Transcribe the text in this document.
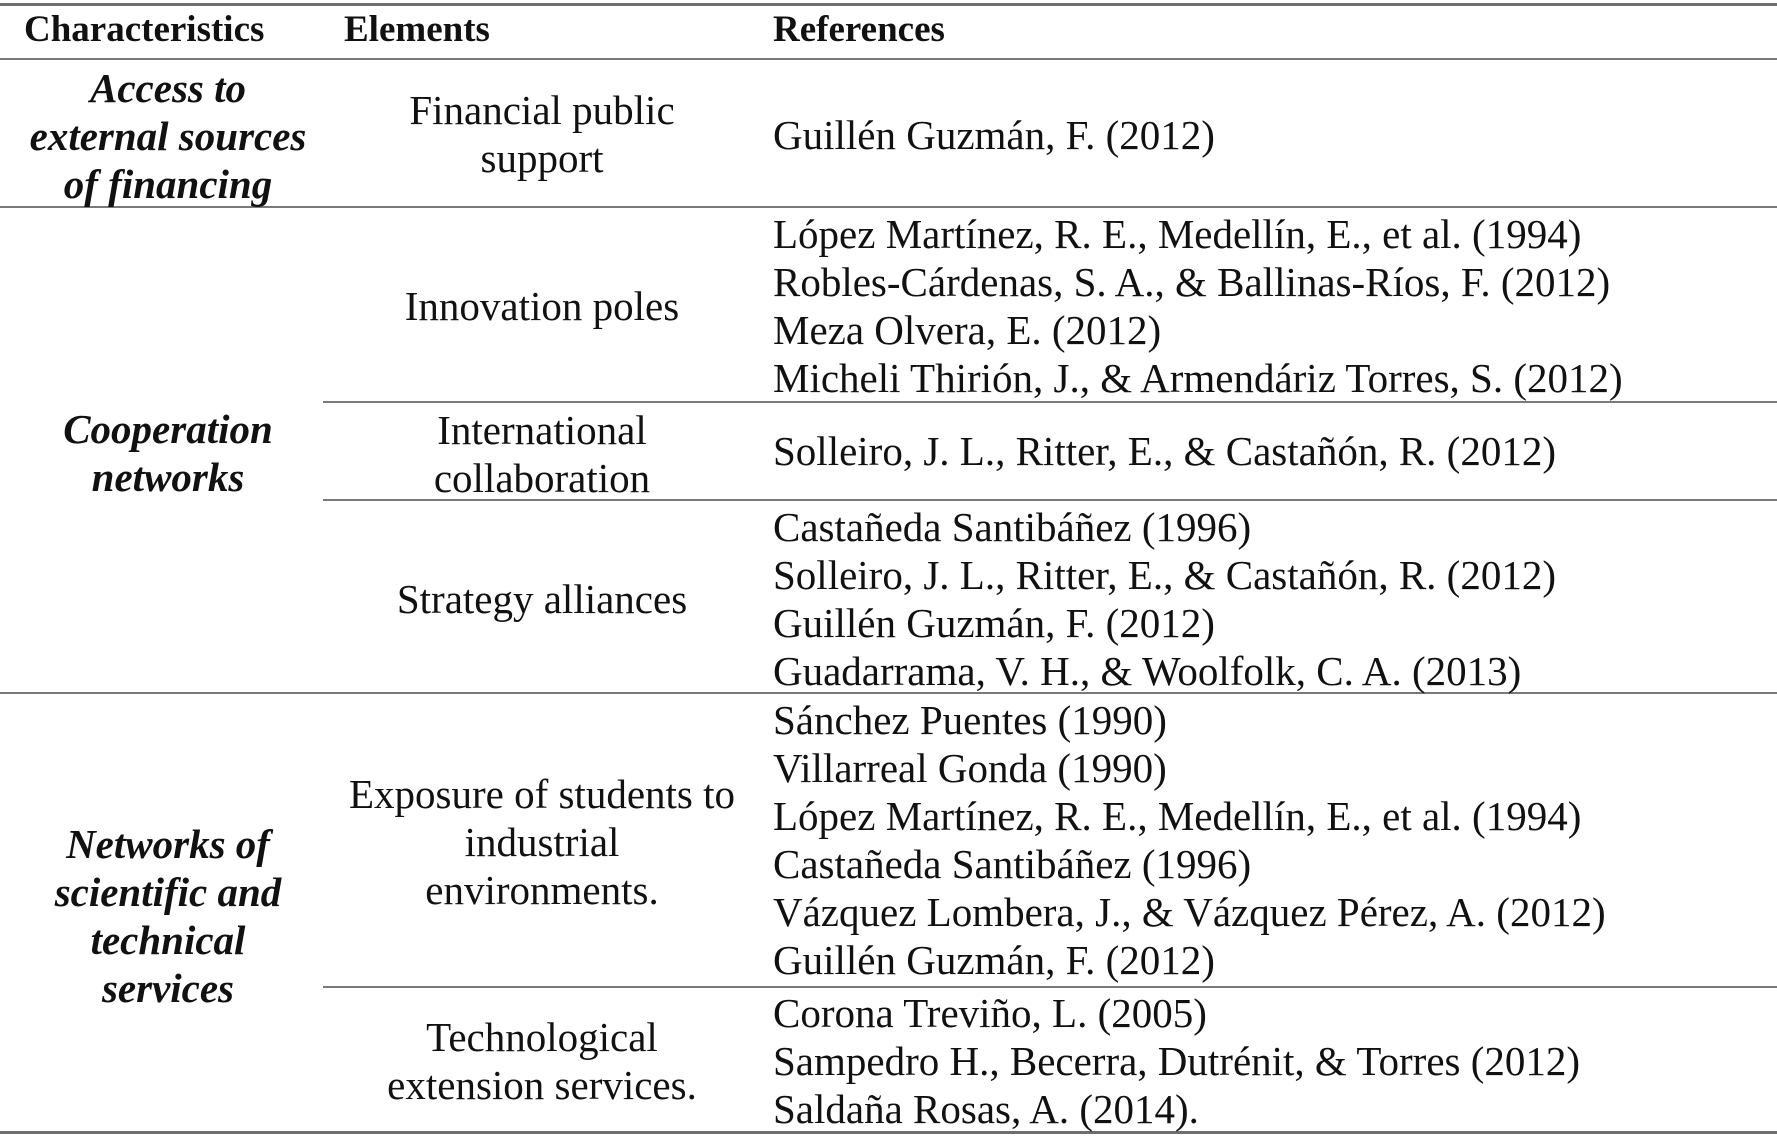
Characteristics Elements	References
Access to
external sources
of financing
Cooperation
networks
Networks of
scientific and
technical
services
Financial public
support
Innovation poles
International
collaboration
Strategy alliances
Exposure of students to
industrial
environments.
Technological
extension services.
Guillén Guzmán, F. (2012)
López Martínez, R. E., Medellín, E., et al. (1994)
Robles-Cárdenas, S. A., & Ballinas-Ríos, F. (2012)
Meza Olvera, E. (2012)
Micheli Thirión, J., & Armendáriz Torres, S. (2012)
Solleiro, J. L., Ritter, E., & Castañón, R. (2012)
Castañeda Santibáñez (1996)
Solleiro, J. L., Ritter, E., & Castañón, R. (2012)
Guillén Guzmán, F. (2012)
Guadarrama, V. H., & Woolfolk, C. A. (2013)
Sánchez Puentes (1990)
Villarreal Gonda (1990)
López Martínez, R. E., Medellín, E., et al. (1994)
Castañeda Santibáñez (1996)
Vázquez Lombera, J., & Vázquez Pérez, A. (2012)
Guillén Guzmán, F. (2012)
Corona Treviño, L. (2005)
Sampedro H., Becerra, Dutrénit, & Torres (2012)
Saldaña Rosas, A. (2014).
